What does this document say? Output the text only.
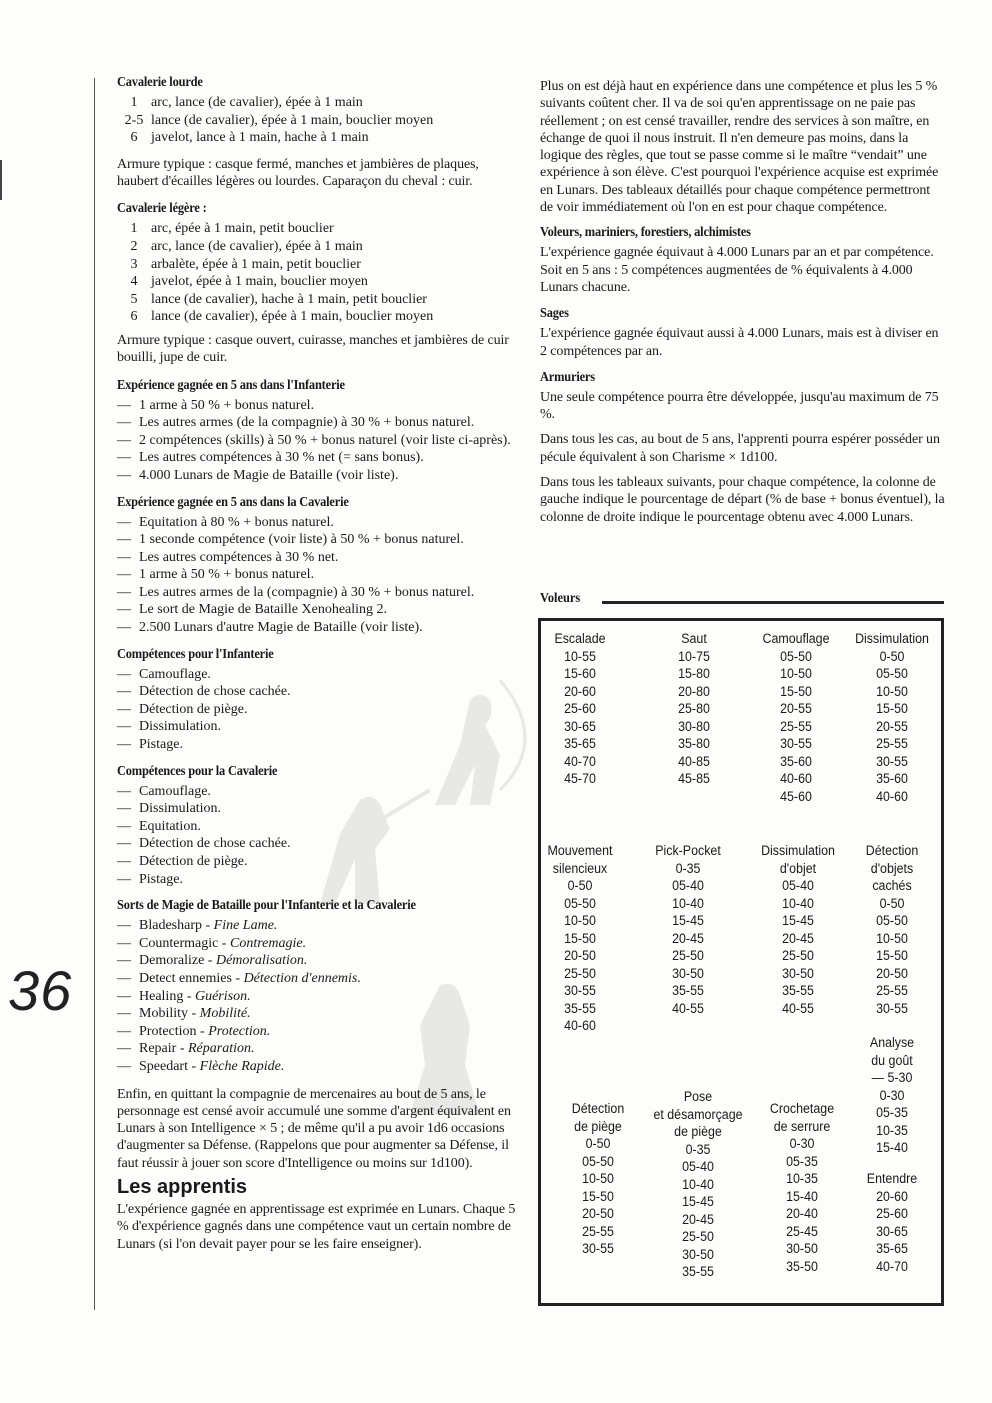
36
Cavalerie lourde
1 arc, lance (de cavalier), épée à 1 main
2-5 lance (de cavalier), épée à 1 main, bouclier moyen
6 javelot, lance à 1 main, hache à 1 main

Armure typique : casque fermé, manches et jambières de plaques, haubert d'écailles légères ou lourdes. Caparaçon du cheval : cuir.

Cavalerie légère :
1 arc, épée à 1 main, petit bouclier
2 arc, lance (de cavalier), épée à 1 main
3 arbalète, épée à 1 main, petit bouclier
4 javelot, épée à 1 main, bouclier moyen
5 lance (de cavalier), hache à 1 main, petit bouclier
6 lance (de cavalier), épée à 1 main, bouclier moyen

Armure typique : casque ouvert, cuirasse, manches et jambières de cuir bouilli, jupe de cuir.

Expérience gagnée en 5 ans dans l'Infanterie
— 1 arme à 50 % + bonus naturel.
— Les autres armes (de la compagnie) à 30 % + bonus naturel.
— 2 compétences (skills) à 50 % + bonus naturel (voir liste ci-après).
— Les autres compétences à 30 % net (= sans bonus).
— 4.000 Lunars de Magie de Bataille (voir liste).
Expérience gagnée en 5 ans dans la Cavalerie
— Equitation à 80 % + bonus naturel.
— 1 seconde compétence (voir liste) à 50 % + bonus naturel.
— Les autres compétences à 30 % net.
— 1 arme à 50 % + bonus naturel.
— Les autres armes de la (compagnie) à 30 % + bonus naturel.
— Le sort de Magie de Bataille Xenohealing 2.
— 2.500 Lunars d'autre Magie de Bataille (voir liste).
Compétences pour l'Infanterie
— Camouflage.
— Détection de chose cachée.
— Détection de piège.
— Dissimulation.
— Pistage.
Compétences pour la Cavalerie
— Camouflage.
— Dissimulation.
— Equitation.
— Détection de chose cachée.
— Détection de piège.
— Pistage.
Sorts de Magie de Bataille pour l'Infanterie et la Cavalerie
— Bladesharp - Fine Lame.
— Countermagic - Contremagie.
— Demoralize - Démoralisation.
— Detect ennemies - Détection d'ennemis.
— Healing - Guérison.
— Mobility - Mobilité.
— Protection - Protection.
— Repair - Réparation.
— Speedart - Flèche Rapide.

Enfin, en quittant la compagnie de mercenaires au bout de 5 ans, le personnage est censé avoir accumulé une somme d'argent équivalent en Lunars à son Intelligence × 5 ; de même qu'il a pu avoir 1d6 occasions d'augmenter sa Défense. (Rappelons que pour augmenter sa Défense, il faut réussir à jouer son score d'Intelligence ou moins sur 1d100).

Les apprentis

L'expérience gagnée en apprentissage est exprimée en Lunars. Chaque 5 % d'expérience gagnés dans une compétence vaut un certain nombre de Lunars (si l'on devait payer pour se les faire enseigner).

Plus on est déjà haut en expérience dans une compétence et plus les 5 % suivants coûtent cher. Il va de soi qu'en apprentissage on ne paie pas réellement ; on est censé travailler, rendre des services à son maître, en échange de quoi il nous instruit. Il n'en demeure pas moins, dans la logique des règles, que tout se passe comme si le maître “vendait” une expérience à son élève. C'est pourquoi l'expérience acquise est exprimée en Lunars. Des tableaux détaillés pour chaque compétence permettront de voir immédiatement où l'on en est pour chaque compétence.

Voleurs, mariniers, forestiers, alchimistes

L'expérience gagnée équivaut à 4.000 Lunars par an et par compétence. Soit en 5 ans : 5 compétences augmentées de % équivalents à 4.000 Lunars chacune.

Sages

L'expérience gagnée équivaut aussi à 4.000 Lunars, mais est à diviser en 2 compétences par an.

Armuriers

Une seule compétence pourra être développée, jusqu'au maximum de 75 %.

Dans tous les cas, au bout de 5 ans, l'apprenti pourra espérer posséder un pécule équivalent à son Charisme × 1d100.

Dans tous les tableaux suivants, pour chaque compétence, la colonne de gauche indique le pourcentage de départ (% de base + bonus éventuel), la colonne de droite indique le pourcentage obtenu avec 4.000 Lunars.

Voleurs
Escalade
10-55
15-60
20-60
25-60
30-65
35-65
40-70
45-70
Saut
10-75
15-80
20-80
25-80
30-80
35-80
40-85
45-85
Camouflage
05-50
10-50
15-50
20-55
25-55
30-55
35-60
40-60
45-60
Dissimulation
0-50
05-50
10-50
15-50
20-55
25-55
30-55
35-60
40-60
Mouvement
silencieux
0-50
05-50
10-50
15-50
20-50
25-50
30-55
35-55
40-60
Pick-Pocket
0-35
05-40
10-40
15-45
20-45
25-50
30-50
35-55
40-55
Dissimulation
d'objet
05-40
10-40
15-45
20-45
25-50
30-50
35-55
40-55
Détection
d'objets
cachés
0-50
05-50
10-50
15-50
20-50
25-55
30-55
Analyse
du goût
— 5-30
0-30
05-35
10-35
15-40
Détection
de piège
0-50
05-50
10-50
15-50
20-50
25-55
30-55
Pose
et désamorçage
de piège
0-35
05-40
10-40
15-45
20-45
25-50
30-50
35-55
Crochetage
de serrure
0-30
05-35
10-35
15-40
20-40
25-45
30-50
35-50
Entendre
20-60
25-60
30-65
35-65
40-70
